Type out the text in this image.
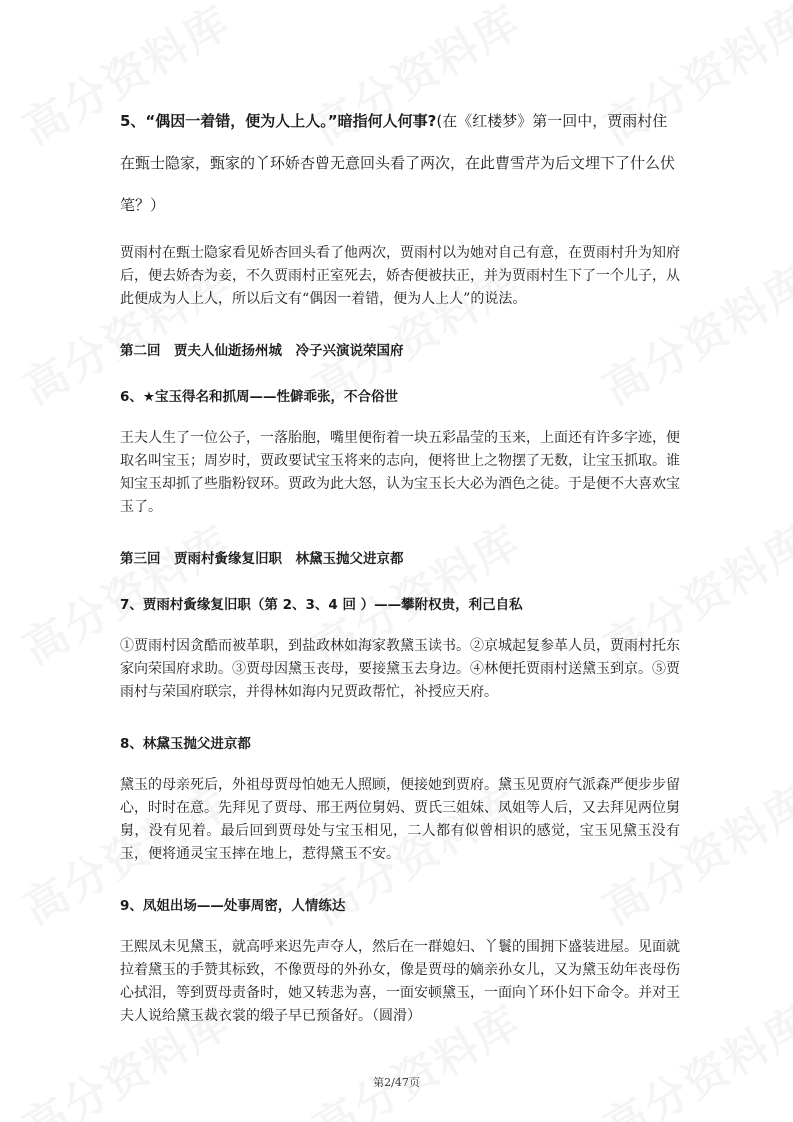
5、“偶因一着错，便为人上人。”暗指何人何事?(在《红楼梦》第一回中，贾雨村住

在甄士隐家，甄家的丫环娇杏曾无意回头看了两次，在此曹雪芹为后文埋下了什么伏

笔？）

贾雨村在甄士隐家看见娇杏回头看了他两次，贾雨村以为她对自己有意，在贾雨村升为知府后，便去娇杏为妾，不久贾雨村正室死去，娇杏便被扶正，并为贾雨村生下了一个儿子，从此便成为人上人，所以后文有“偶因一着错，便为人上人”的说法。

第二回　贾夫人仙逝扬州城　冷子兴演说荣国府

6、★宝玉得名和抓周——性僻乖张，不合俗世

王夫人生了一位公子，一落胎胞，嘴里便衔着一块五彩晶莹的玉来，上面还有许多字迹，便取名叫宝玉；周岁时，贾政要试宝玉将来的志向，便将世上之物摆了无数，让宝玉抓取。谁知宝玉却抓了些脂粉钗环。贾政为此大怒，认为宝玉长大必为酒色之徒。于是便不大喜欢宝玉了。

第三回　贾雨村夤缘复旧职　林黛玉抛父进京都

7、贾雨村夤缘复旧职（第 2、3、4 回 ）——攀附权贵，利己自私

①贾雨村因贪酷而被革职，到盐政林如海家教黛玉读书。②京城起复参革人员，贾雨村托东家向荣国府求助。③贾母因黛玉丧母，要接黛玉去身边。④林便托贾雨村送黛玉到京。⑤贾雨村与荣国府联宗，并得林如海内兄贾政帮忙，补授应天府。

8、林黛玉抛父进京都

黛玉的母亲死后，外祖母贾母怕她无人照顾，便接她到贾府。黛玉见贾府气派森严便步步留心，时时在意。先拜见了贾母、邢王两位舅妈、贾氏三姐妹、凤姐等人后，又去拜见两位舅舅，没有见着。最后回到贾母处与宝玉相见，二人都有似曾相识的感觉，宝玉见黛玉没有玉，便将通灵宝玉摔在地上，惹得黛玉不安。

9、凤姐出场——处事周密，人情练达

王熙凤未见黛玉，就高呼来迟先声夺人，然后在一群媳妇、丫鬟的围拥下盛装进屋。见面就拉着黛玉的手赞其标致，不像贾母的外孙女，像是贾母的嫡亲孙女儿，又为黛玉幼年丧母伤心拭泪，等到贾母责备时，她又转悲为喜，一面安顿黛玉，一面向丫环仆妇下命令。并对王夫人说给黛玉裁衣裳的缎子早已预备好。（圆滑）

第2/47页
